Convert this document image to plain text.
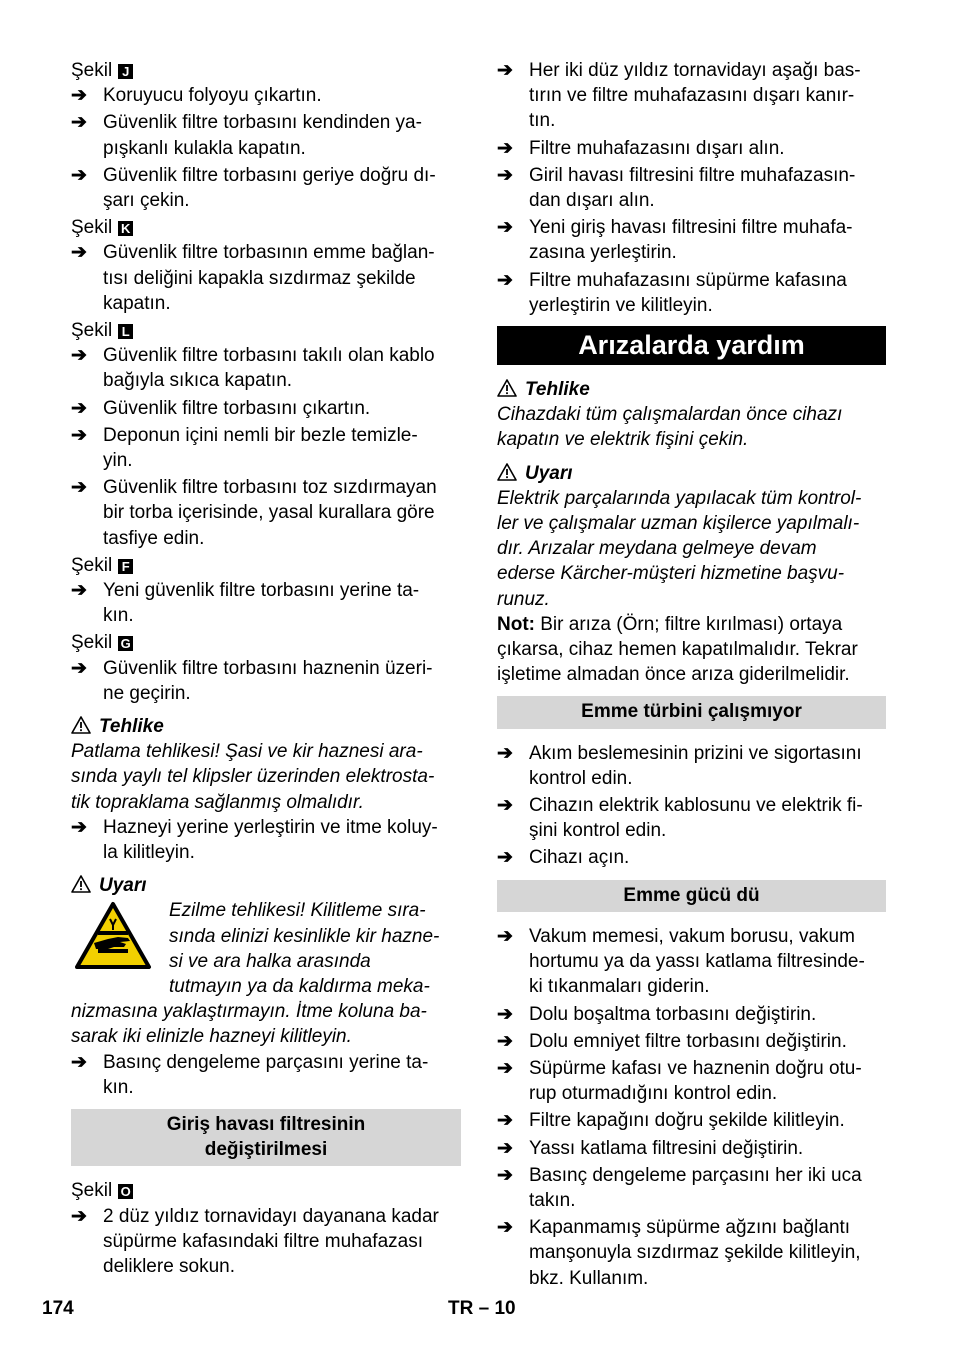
Şekil J
➔ Koruyucu folyoyu çıkartın.
➔ Güvenlik filtre torbasını kendinden ya-
pışkanlı kulakla kapatın.
➔ Güvenlik filtre torbasını geriye doğru dı-
şarı çekin.
Şekil K
➔ Güvenlik filtre torbasının emme bağlan-
tısı deliğini kapakla sızdırmaz şekilde
kapatın.
Şekil L
➔ Güvenlik filtre torbasını takılı olan kablo
bağıyla sıkıca kapatın.
➔ Güvenlik filtre torbasını çıkartın.
➔ Deponun içini nemli bir bezle temizle-
yin.
➔ Güvenlik filtre torbasını toz sızdırmayan
bir torba içerisinde, yasal kurallara göre
tasfiye edin.
Şekil F
➔ Yeni güvenlik filtre torbasını yerine ta-
kın.
Şekil G
➔ Güvenlik filtre torbasını haznenin üzeri-
ne geçirin.
Tehlike
Patlama tehlikesi! Şasi ve kir haznesi ara-
sında yaylı tel klipsler üzerinden elektrosta-
tik topraklama sağlanmış olmalıdır.
➔ Hazneyi yerine yerleştirin ve itme koluy-
la kilitleyin.
Uyarı
Ezilme tehlikesi! Kilitleme sıra-
sında elinizi kesinlikle kir hazne-
si ve ara halka arasında
tutmayın ya da kaldırma meka-
nizmasına yaklaştırmayın. İtme koluna ba-
sarak iki elinizle hazneyi kilitleyin.
➔ Basınç dengeleme parçasını yerine ta-
kın.
Giriş havası filtresinin
değiştirilmesi
Şekil O
➔ 2 düz yıldız tornavidayı dayanana kadar
süpürme kafasındaki filtre muhafazası
deliklere sokun.
➔ Her iki düz yıldız tornavidayı aşağı bas-
tırın ve filtre muhafazasını dışarı kanır-
tın.
➔ Filtre muhafazasını dışarı alın.
➔ Giril havası filtresini filtre muhafazasın-
dan dışarı alın.
➔ Yeni giriş havası filtresini filtre muhafa-
zasına yerleştirin.
➔ Filtre muhafazasını süpürme kafasına
yerleştirin ve kilitleyin.
Arızalarda yardım
Tehlike
Cihazdaki tüm çalışmalardan önce cihazı
kapatın ve elektrik fişini çekin.
Uyarı
Elektrik parçalarında yapılacak tüm kontrol-
ler ve çalışmalar uzman kişilerce yapılmalı-
dır. Arızalar meydana gelmeye devam
ederse Kärcher-müşteri hizmetine başvu-
runuz.
Not: Bir arıza (Örn; filtre kırılması) ortaya
çıkarsa, cihaz hemen kapatılmalıdır. Tekrar
işletime almadan önce arıza giderilmelidir.
Emme türbini çalışmıyor
➔ Akım beslemesinin prizini ve sigortasını
kontrol edin.
➔ Cihazın elektrik kablosunu ve elektrik fi-
şini kontrol edin.
➔ Cihazı açın.
Emme gücü dü
➔ Vakum memesi, vakum borusu, vakum
hortumu ya da yassı katlama filtresinde-
ki tıkanmaları giderin.
➔ Dolu boşaltma torbasını değiştirin.
➔ Dolu emniyet filtre torbasını değiştirin.
➔ Süpürme kafası ve haznenin doğru otu-
rup oturmadığını kontrol edin.
➔ Filtre kapağını doğru şekilde kilitleyin.
➔ Yassı katlama filtresini değiştirin.
➔ Basınç dengeleme parçasını her iki uca
takın.
➔ Kapanmamış süpürme ağzını bağlantı
manşonuyla sızdırmaz şekilde kilitleyin,
bkz. Kullanım.
174	TR – 10
